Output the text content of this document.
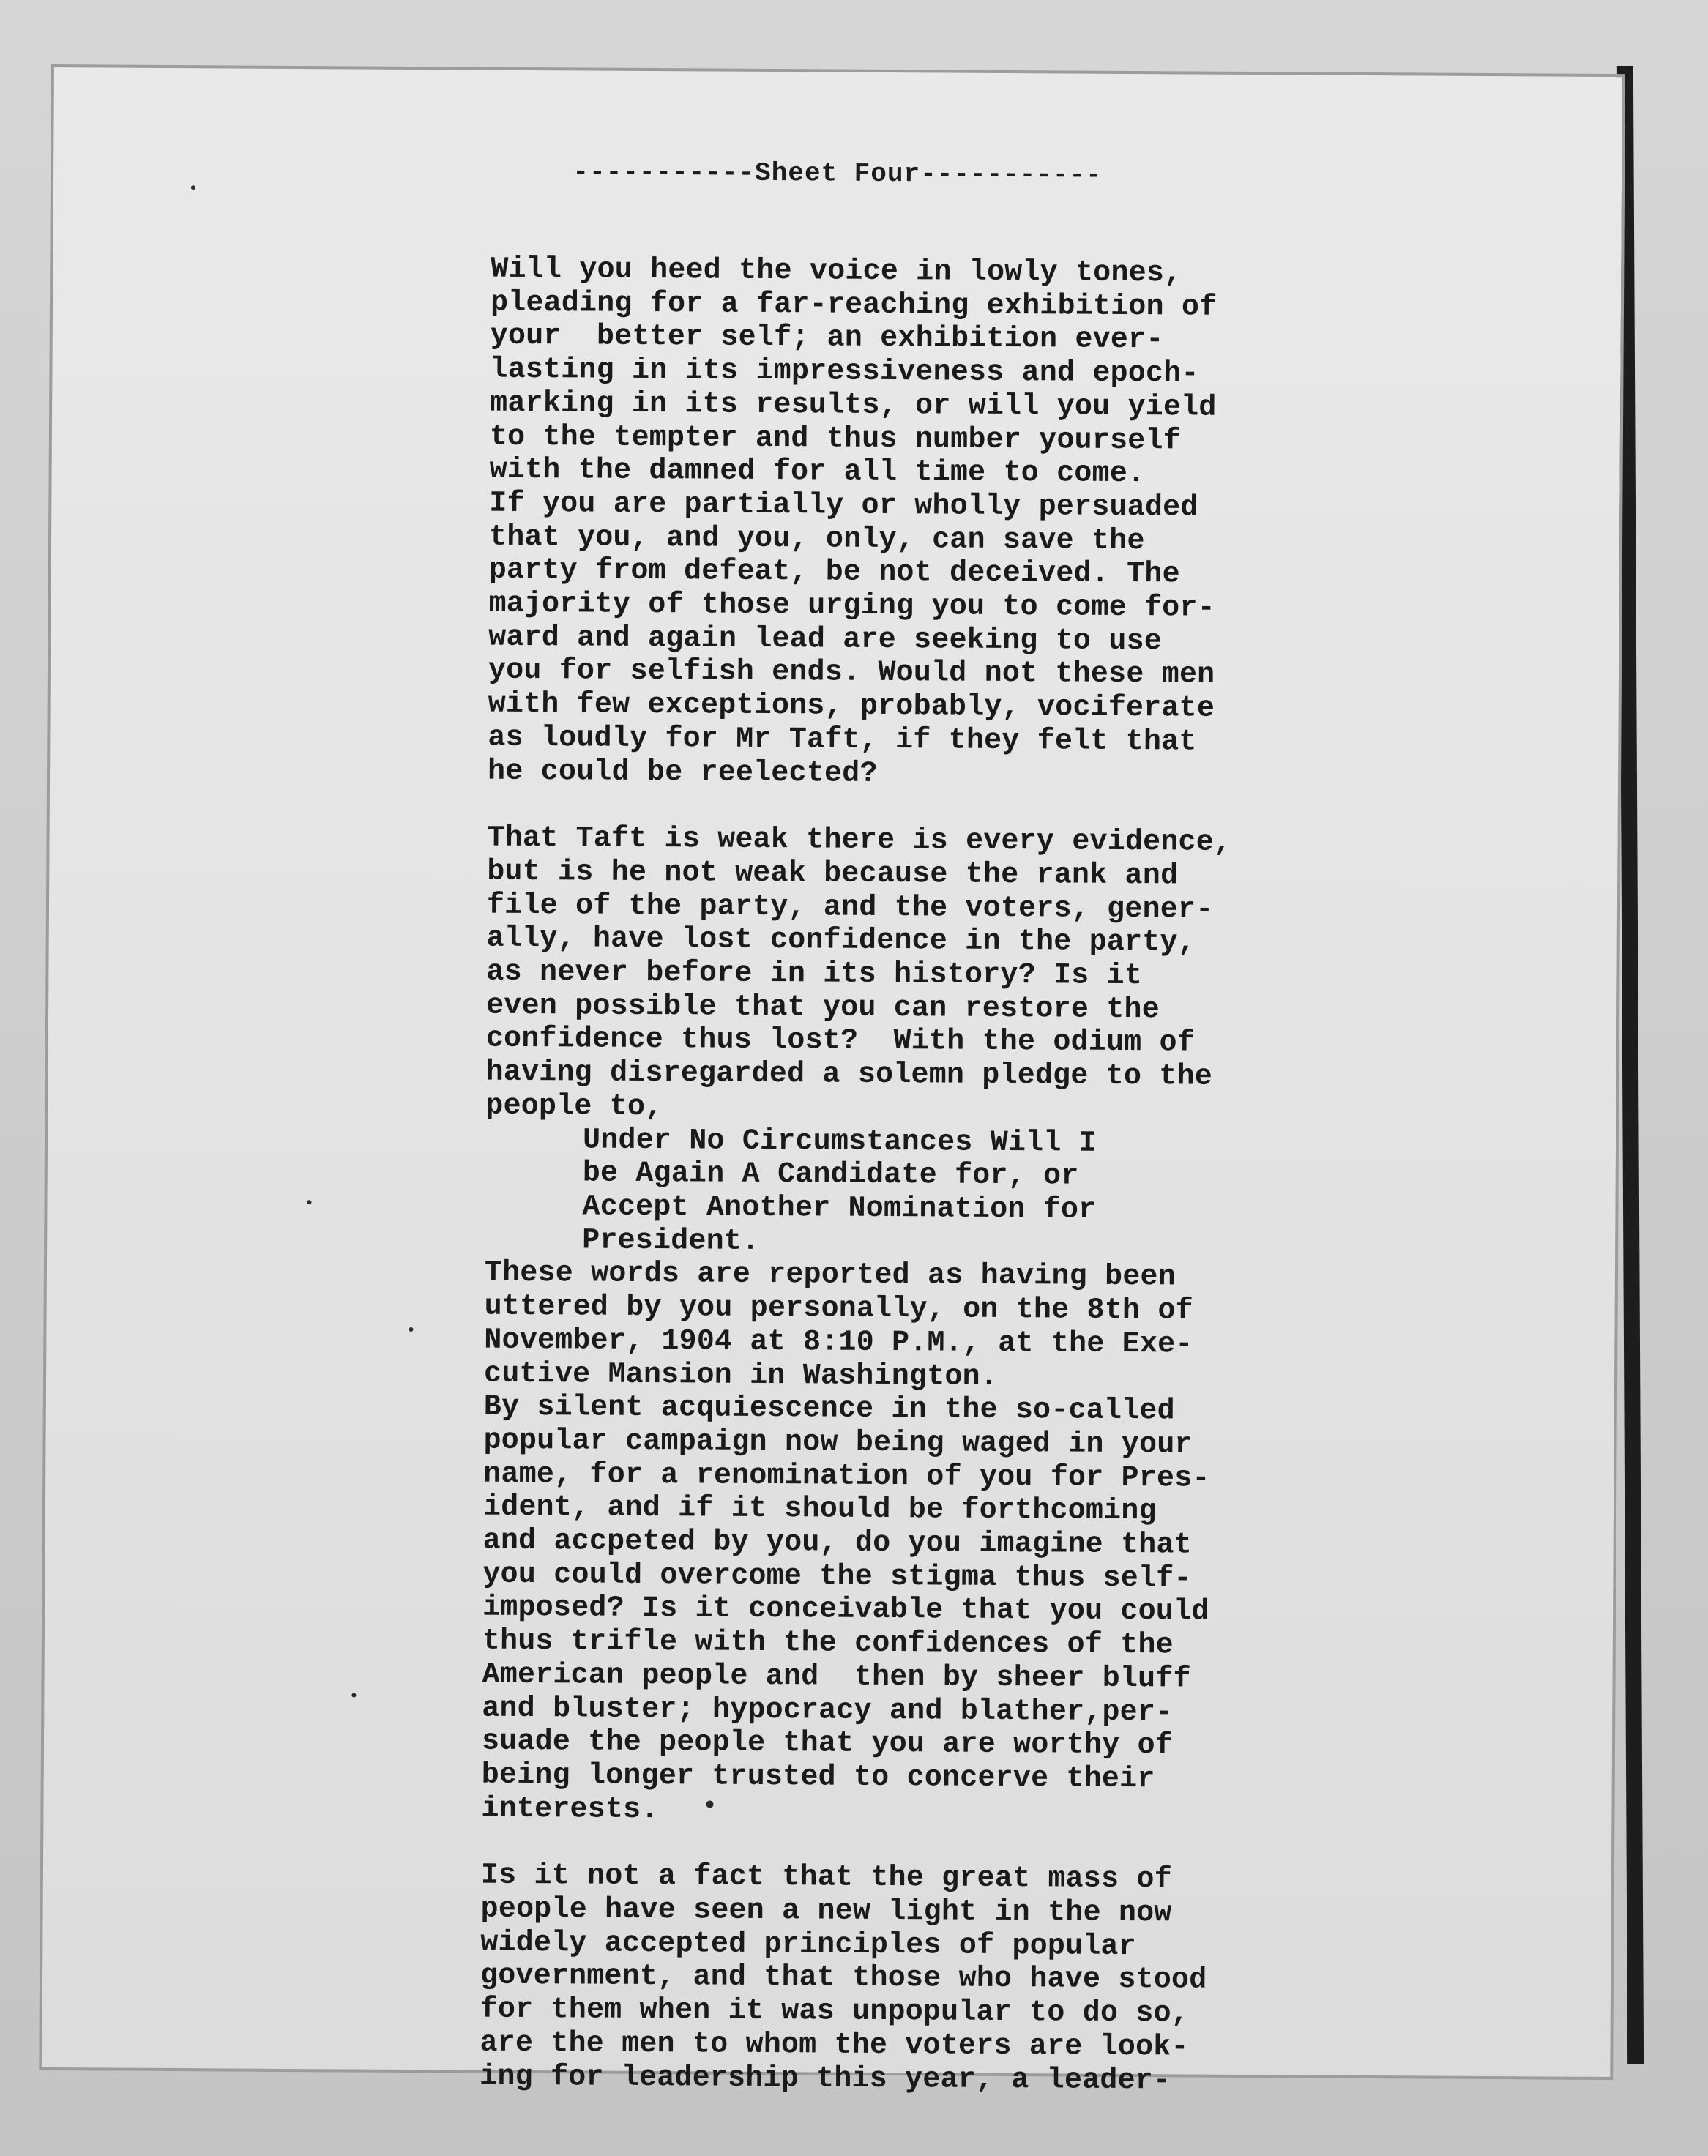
-----------Sheet Four-----------
Will you heed the voice in lowly tones,
pleading for a far-reaching exhibition of
your  better self; an exhibition ever-
lasting in its impressiveness and epoch-
marking in its results, or will you yield
to the tempter and thus number yourself
with the damned for all time to come.
If you are partially or wholly persuaded
that you, and you, only, can save the
party from defeat, be not deceived. The
majority of those urging you to come for-
ward and again lead are seeking to use
you for selfish ends. Would not these men
with few exceptions, probably, vociferate
as loudly for Mr Taft, if they felt that
he could be reelected?
That Taft is weak there is every evidence,
but is he not weak because the rank and
file of the party, and the voters, gener-
ally, have lost confidence in the party,
as never before in its history? Is it
even possible that you can restore the
confidence thus lost?  With the odium of
having disregarded a solemn pledge to the
people to,
Under No Circumstances Will I
be Again A Candidate for, or
Accept Another Nomination for
President.
These words are reported as having been
uttered by you personally, on the 8th of
November, 1904 at 8:10 P.M., at the Exe-
cutive Mansion in Washington.
By silent acquiescence in the so-called
popular campaign now being waged in your
name, for a renomination of you for Pres-
ident, and if it should be forthcoming
and accpeted by you, do you imagine that
you could overcome the stigma thus self-
imposed? Is it conceivable that you could
thus trifle with the confidences of the
American people and  then by sheer bluff
and bluster; hypocracy and blather,per-
suade the people that you are worthy of
being longer trusted to concerve their
interests.
Is it not a fact that the great mass of
people have seen a new light in the now
widely accepted principles of popular
government, and that those who have stood
for them when it was unpopular to do so,
are the men to whom the voters are look-
ing for leadership this year, a leader-
